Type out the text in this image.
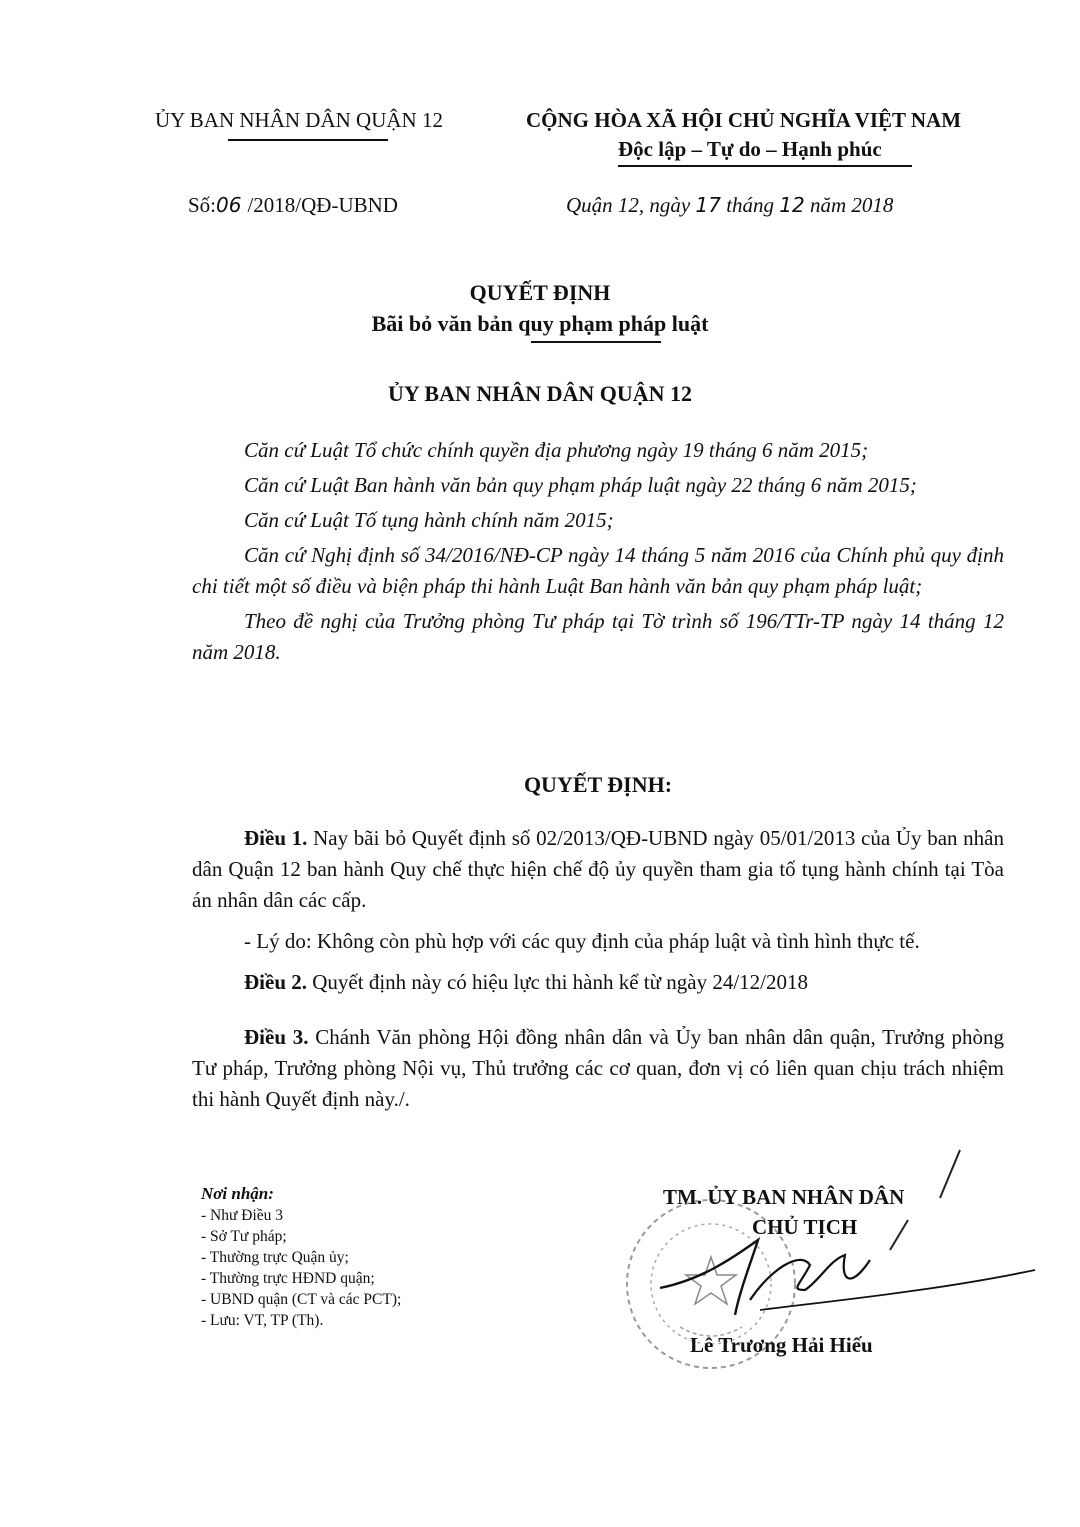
ỦY BAN NHÂN DÂN QUẬN 12	CỘNG HÒA XÃ HỘI CHỦ NGHĨA VIỆT NAM
Độc lập – Tự do – Hạnh phúc
Số:06 /2018/QĐ-UBND	Quận 12, ngày 17 tháng 12 năm 2018
QUYẾT ĐỊNH
Bãi bỏ văn bản quy phạm pháp luật
ỦY BAN NHÂN DÂN QUẬN 12
Căn cứ Luật Tổ chức chính quyền địa phương ngày 19 tháng 6 năm 2015;
Căn cứ Luật Ban hành văn bản quy phạm pháp luật ngày 22 tháng 6 năm 2015;
Căn cứ Luật Tố tụng hành chính năm 2015;
Căn cứ Nghị định số 34/2016/NĐ-CP ngày 14 tháng 5 năm 2016 của Chính phủ quy định chi tiết một số điều và biện pháp thi hành Luật Ban hành văn bản quy phạm pháp luật;
Theo đề nghị của Trưởng phòng Tư pháp tại Tờ trình số 196/TTr-TP ngày 14 tháng 12 năm 2018.
QUYẾT ĐỊNH:
Điều 1. Nay bãi bỏ Quyết định số 02/2013/QĐ-UBND ngày 05/01/2013 của Ủy ban nhân dân Quận 12 ban hành Quy chế thực hiện chế độ ủy quyền tham gia tố tụng hành chính tại Tòa án nhân dân các cấp.
- Lý do: Không còn phù hợp với các quy định của pháp luật và tình hình thực tế.
Điều 2. Quyết định này có hiệu lực thi hành kể từ ngày 24/12/2018
Điều 3. Chánh Văn phòng Hội đồng nhân dân và Ủy ban nhân dân quận, Trưởng phòng Tư pháp, Trưởng phòng Nội vụ, Thủ trưởng các cơ quan, đơn vị có liên quan chịu trách nhiệm thi hành Quyết định này./.
Nơi nhận:
- Như Điều 3
- Sở Tư pháp;
- Thường trực Quận ủy;
- Thường trực HĐND quận;
- UBND quận (CT và các PCT);
- Lưu: VT, TP (Th).
TM. ỦY BAN NHÂN DÂN
CHỦ TỊCH
Lê Trương Hải Hiếu
